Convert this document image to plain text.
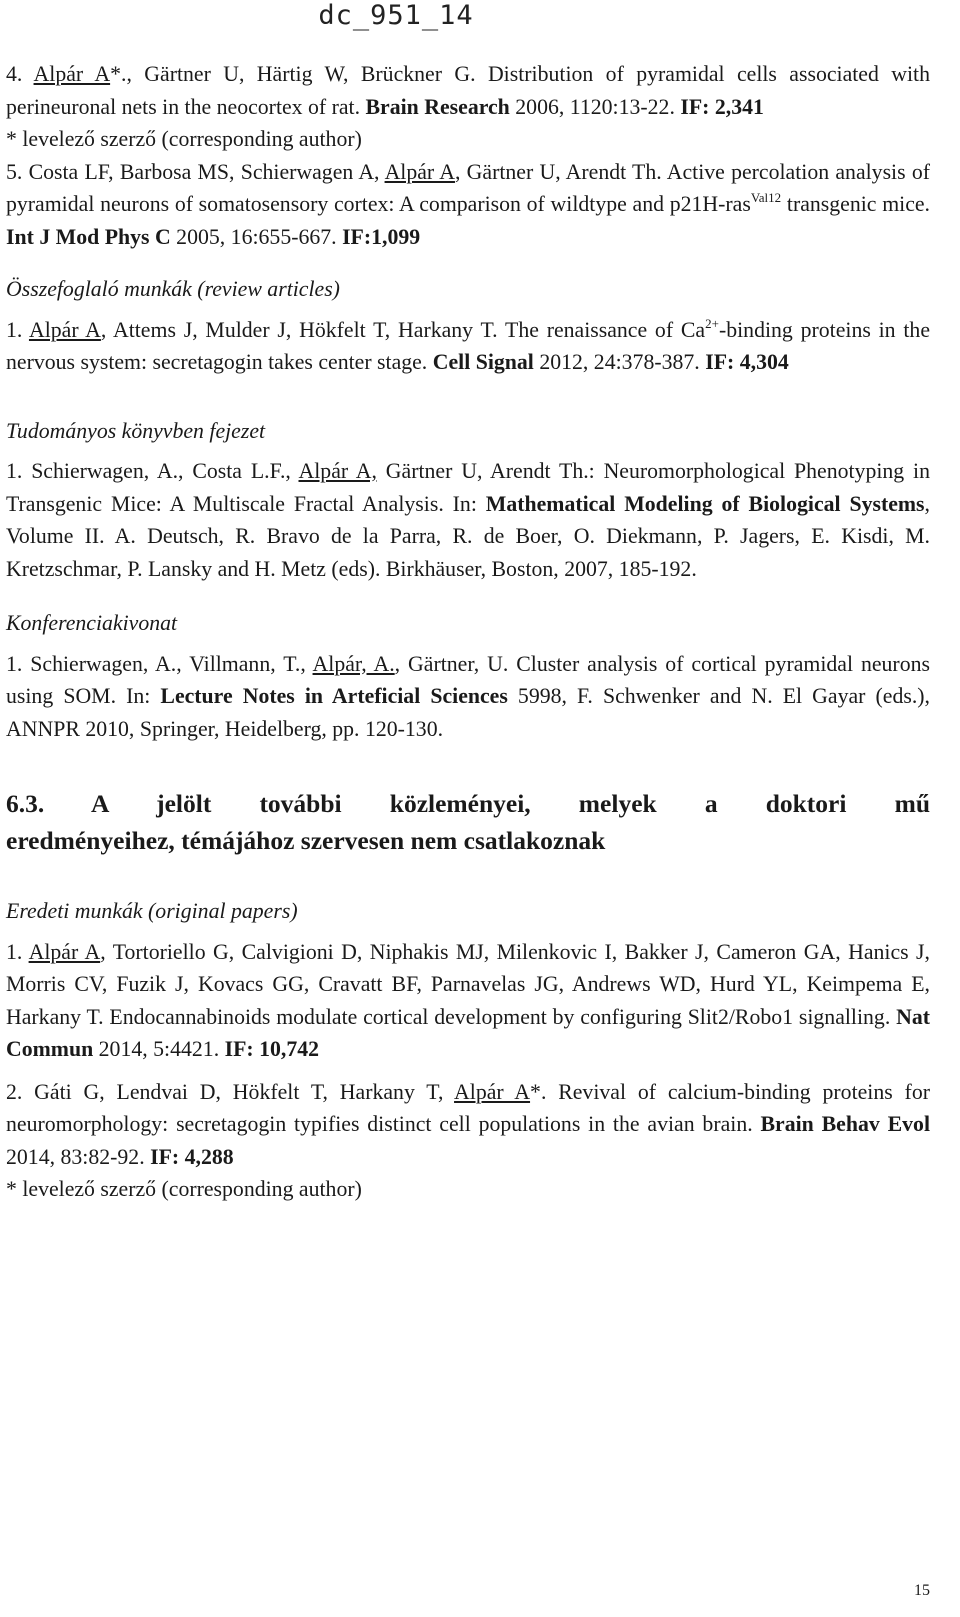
dc_951_14

4. Alpár A*., Gärtner U, Härtig W, Brückner G. Distribution of pyramidal cells associated with perineuronal nets in the neocortex of rat. Brain Research 2006, 1120:13-22. IF: 2,341

* levelező szerző (corresponding author)

5. Costa LF, Barbosa MS, Schierwagen A, Alpár A, Gärtner U, Arendt Th. Active percolation analysis of pyramidal neurons of somatosensory cortex: A comparison of wildtype and p21H-ras$^{Val12}$ transgenic mice. Int J Mod Phys C 2005, 16:655-667. IF:1,099

Összefoglaló munkák (review articles)

1. Alpár A, Attems J, Mulder J, Hökfelt T, Harkany T. The renaissance of $Ca^{2+}$-binding proteins in the nervous system: secretagogin takes center stage. Cell Signal 2012, 24:378-387. IF: 4,304

Tudományos könyvben fejezet

1. Schierwagen, A., Costa L.F., Alpár A, Gärtner U, Arendt Th.: Neuromorphological Phenotyping in Transgenic Mice: A Multiscale Fractal Analysis. In: Mathematical Modeling of Biological Systems, Volume II. A. Deutsch, R. Bravo de la Parra, R. de Boer, O. Diekmann, P. Jagers, E. Kisdi, M. Kretzschmar, P. Lansky and H. Metz (eds). Birkhäuser, Boston, 2007, 185-192.

Konferenciakivonat

1. Schierwagen, A., Villmann, T., Alpár, A., Gärtner, U. Cluster analysis of cortical pyramidal neurons using SOM. In: Lecture Notes in Arteficial Sciences 5998, F. Schwenker and N. El Gayar (eds.), ANNPR 2010, Springer, Heidelberg, pp. 120-130.

6.3. A jelölt további közleményei, melyek a doktori mű

eredményeihez, témájához szervesen nem csatlakoznak

Eredeti munkák (original papers)

1. Alpár A, Tortoriello G, Calvigioni D, Niphakis MJ, Milenkovic I, Bakker J, Cameron GA, Hanics J, Morris CV, Fuzik J, Kovacs GG, Cravatt BF, Parnavelas JG, Andrews WD, Hurd YL, Keimpema E, Harkany T. Endocannabinoids modulate cortical development by configuring Slit2/Robo1 signalling. Nat Commun 2014, 5:4421. IF: 10,742

2. Gáti G, Lendvai D, Hökfelt T, Harkany T, Alpár A*. Revival of calcium-binding proteins for neuromorphology: secretagogin typifies distinct cell populations in the avian brain. Brain Behav Evol 2014, 83:82-92. IF: 4,288

* levelező szerző (corresponding author)

15
